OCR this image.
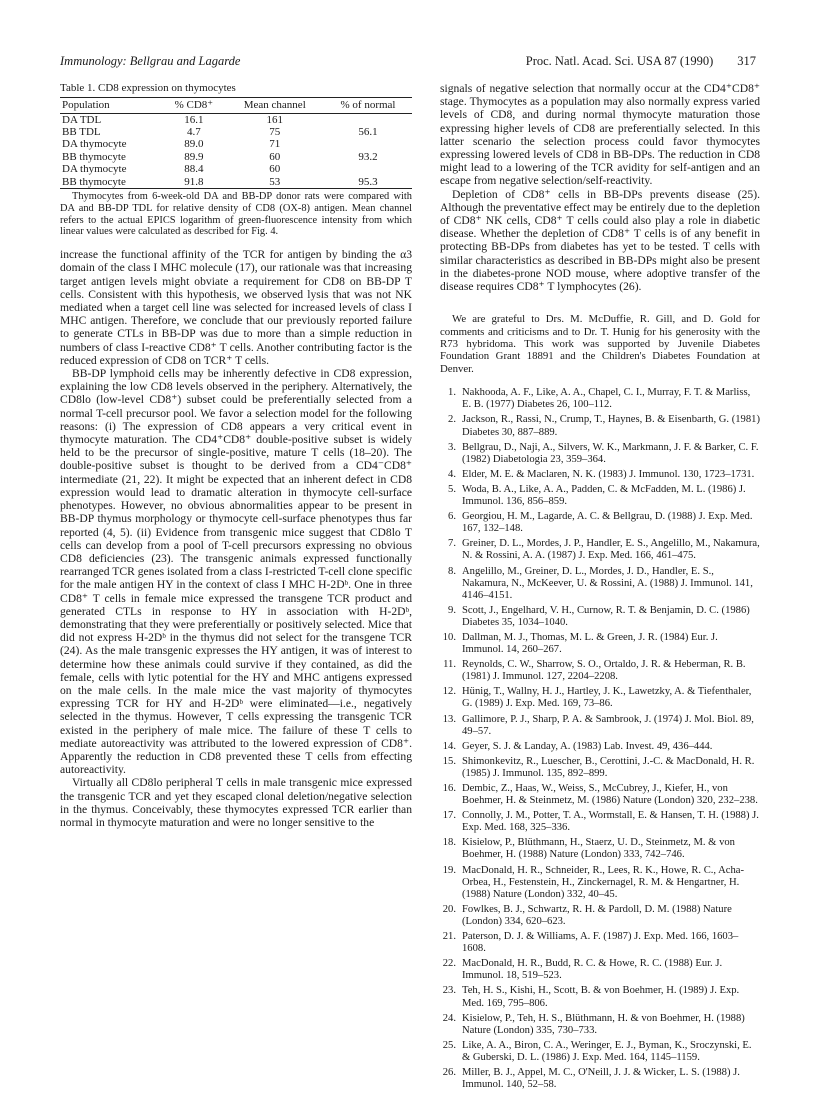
Immunology: Bellgrau and Lagarde	Proc. Natl. Acad. Sci. USA 87 (1990) 317
Table 1. CD8 expression on thymocytes
Population	% CD8⁺	Mean channel	% of normal
DA TDL	16.1	161	
BB TDL	4.7	75	56.1
DA thymocyte	89.0	71	
BB thymocyte	89.9	60	93.2
DA thymocyte	88.4	60	
BB thymocyte	91.8	53	95.3
Thymocytes from 6-week-old DA and BB-DP donor rats were compared with DA and BB-DP TDL for relative density of CD8 (OX-8) antigen. Mean channel refers to the actual EPICS logarithm of green-fluorescence intensity from which linear values were calculated as described for Fig. 4.

increase the functional affinity of the TCR for antigen by binding the α3 domain of the class I MHC molecule (17), our rationale was that increasing target antigen levels might obviate a requirement for CD8 on BB-DP T cells. Consistent with this hypothesis, we observed lysis that was not NK mediated when a target cell line was selected for increased levels of class I MHC antigen. Therefore, we conclude that our previously reported failure to generate CTLs in BB-DP was due to more than a simple reduction in numbers of class I-reactive CD8⁺ T cells. Another contributing factor is the reduced expression of CD8 on TCR⁺ T cells.

BB-DP lymphoid cells may be inherently defective in CD8 expression, explaining the low CD8 levels observed in the periphery. Alternatively, the CD8lo (low-level CD8⁺) subset could be preferentially selected from a normal T-cell precursor pool. We favor a selection model for the following reasons: (i) The expression of CD8 appears a very critical event in thymocyte maturation. The CD4⁺CD8⁺ double-positive subset is widely held to be the precursor of single-positive, mature T cells (18–20). The double-positive subset is thought to be derived from a CD4⁻CD8⁺ intermediate (21, 22). It might be expected that an inherent defect in CD8 expression would lead to dramatic alteration in thymocyte cell-surface phenotypes. However, no obvious abnormalities appear to be present in BB-DP thymus morphology or thymocyte cell-surface phenotypes thus far reported (4, 5). (ii) Evidence from transgenic mice suggest that CD8lo T cells can develop from a pool of T-cell precursors expressing no obvious CD8 deficiencies (23). The transgenic animals expressed functionally rearranged TCR genes isolated from a class I-restricted T-cell clone specific for the male antigen HY in the context of class I MHC H-2Dᵇ. One in three CD8⁺ T cells in female mice expressed the transgene TCR product and generated CTLs in response to HY in association with H-2Dᵇ, demonstrating that they were preferentially or positively selected. Mice that did not express H-2Dᵇ in the thymus did not select for the transgene TCR (24). As the male transgenic expresses the HY antigen, it was of interest to determine how these animals could survive if they contained, as did the female, cells with lytic potential for the HY and MHC antigens expressed on the male cells. In the male mice the vast majority of thymocytes expressing TCR for HY and H-2Dᵇ were eliminated—i.e., negatively selected in the thymus. However, T cells expressing the transgenic TCR existed in the periphery of male mice. The failure of these T cells to mediate autoreactivity was attributed to the lowered expression of CD8⁺. Apparently the reduction in CD8 prevented these T cells from effecting autoreactivity.

Virtually all CD8lo peripheral T cells in male transgenic mice expressed the transgenic TCR and yet they escaped clonal deletion/negative selection in the thymus. Conceivably, these thymocytes expressed TCR earlier than normal in thymocyte maturation and were no longer sensitive to the

signals of negative selection that normally occur at the CD4⁺CD8⁺ stage. Thymocytes as a population may also normally express varied levels of CD8, and during normal thymocyte maturation those expressing higher levels of CD8 are preferentially selected. In this latter scenario the selection process could favor thymocytes expressing lowered levels of CD8 in BB-DPs. The reduction in CD8 might lead to a lowering of the TCR avidity for self-antigen and an escape from negative selection/self-reactivity.

Depletion of CD8⁺ cells in BB-DPs prevents disease (25). Although the preventative effect may be entirely due to the depletion of CD8⁺ NK cells, CD8⁺ T cells could also play a role in diabetic disease. Whether the depletion of CD8⁺ T cells is of any benefit in protecting BB-DPs from diabetes has yet to be tested. T cells with similar characteristics as described in BB-DPs might also be present in the diabetes-prone NOD mouse, where adoptive transfer of the disease requires CD8⁺ T lymphocytes (26).

We are grateful to Drs. M. McDuffie, R. Gill, and D. Gold for comments and criticisms and to Dr. T. Hunig for his generosity with the R73 hybridoma. This work was supported by Juvenile Diabetes Foundation Grant 18891 and the Children's Diabetes Foundation at Denver.

1. Nakhooda, A. F., Like, A. A., Chapel, C. I., Murray, F. T. & Marliss, E. B. (1977) Diabetes 26, 100–112.
2. Jackson, R., Rassi, N., Crump, T., Haynes, B. & Eisenbarth, G. (1981) Diabetes 30, 887–889.
3. Bellgrau, D., Naji, A., Silvers, W. K., Markmann, J. F. & Barker, C. F. (1982) Diabetologia 23, 359–364.
4. Elder, M. E. & Maclaren, N. K. (1983) J. Immunol. 130, 1723–1731.
5. Woda, B. A., Like, A. A., Padden, C. & McFadden, M. L. (1986) J. Immunol. 136, 856–859.
6. Georgiou, H. M., Lagarde, A. C. & Bellgrau, D. (1988) J. Exp. Med. 167, 132–148.
7. Greiner, D. L., Mordes, J. P., Handler, E. S., Angelillo, M., Nakamura, N. & Rossini, A. A. (1987) J. Exp. Med. 166, 461–475.
8. Angelillo, M., Greiner, D. L., Mordes, J. D., Handler, E. S., Nakamura, N., McKeever, U. & Rossini, A. (1988) J. Immunol. 141, 4146–4151.
9. Scott, J., Engelhard, V. H., Curnow, R. T. & Benjamin, D. C. (1986) Diabetes 35, 1034–1040.
10. Dallman, M. J., Thomas, M. L. & Green, J. R. (1984) Eur. J. Immunol. 14, 260–267.
11. Reynolds, C. W., Sharrow, S. O., Ortaldo, J. R. & Heberman, R. B. (1981) J. Immunol. 127, 2204–2208.
12. Hünig, T., Wallny, H. J., Hartley, J. K., Lawetzky, A. & Tiefenthaler, G. (1989) J. Exp. Med. 169, 73–86.
13. Gallimore, P. J., Sharp, P. A. & Sambrook, J. (1974) J. Mol. Biol. 89, 49–57.
14. Geyer, S. J. & Landay, A. (1983) Lab. Invest. 49, 436–444.
15. Shimonkevitz, R., Luescher, B., Cerottini, J.-C. & MacDonald, H. R. (1985) J. Immunol. 135, 892–899.
16. Dembic, Z., Haas, W., Weiss, S., McCubrey, J., Kiefer, H., von Boehmer, H. & Steinmetz, M. (1986) Nature (London) 320, 232–238.
17. Connolly, J. M., Potter, T. A., Wormstall, E. & Hansen, T. H. (1988) J. Exp. Med. 168, 325–336.
18. Kisielow, P., Blüthmann, H., Staerz, U. D., Steinmetz, M. & von Boehmer, H. (1988) Nature (London) 333, 742–746.
19. MacDonald, H. R., Schneider, R., Lees, R. K., Howe, R. C., Acha-Orbea, H., Festenstein, H., Zinckernagel, R. M. & Hengartner, H. (1988) Nature (London) 332, 40–45.
20. Fowlkes, B. J., Schwartz, R. H. & Pardoll, D. M. (1988) Nature (London) 334, 620–623.
21. Paterson, D. J. & Williams, A. F. (1987) J. Exp. Med. 166, 1603–1608.
22. MacDonald, H. R., Budd, R. C. & Howe, R. C. (1988) Eur. J. Immunol. 18, 519–523.
23. Teh, H. S., Kishi, H., Scott, B. & von Boehmer, H. (1989) J. Exp. Med. 169, 795–806.
24. Kisielow, P., Teh, H. S., Blüthmann, H. & von Boehmer, H. (1988) Nature (London) 335, 730–733.
25. Like, A. A., Biron, C. A., Weringer, E. J., Byman, K., Sroczynski, E. & Guberski, D. L. (1986) J. Exp. Med. 164, 1145–1159.
26. Miller, B. J., Appel, M. C., O'Neill, J. J. & Wicker, L. S. (1988) J. Immunol. 140, 52–58.
